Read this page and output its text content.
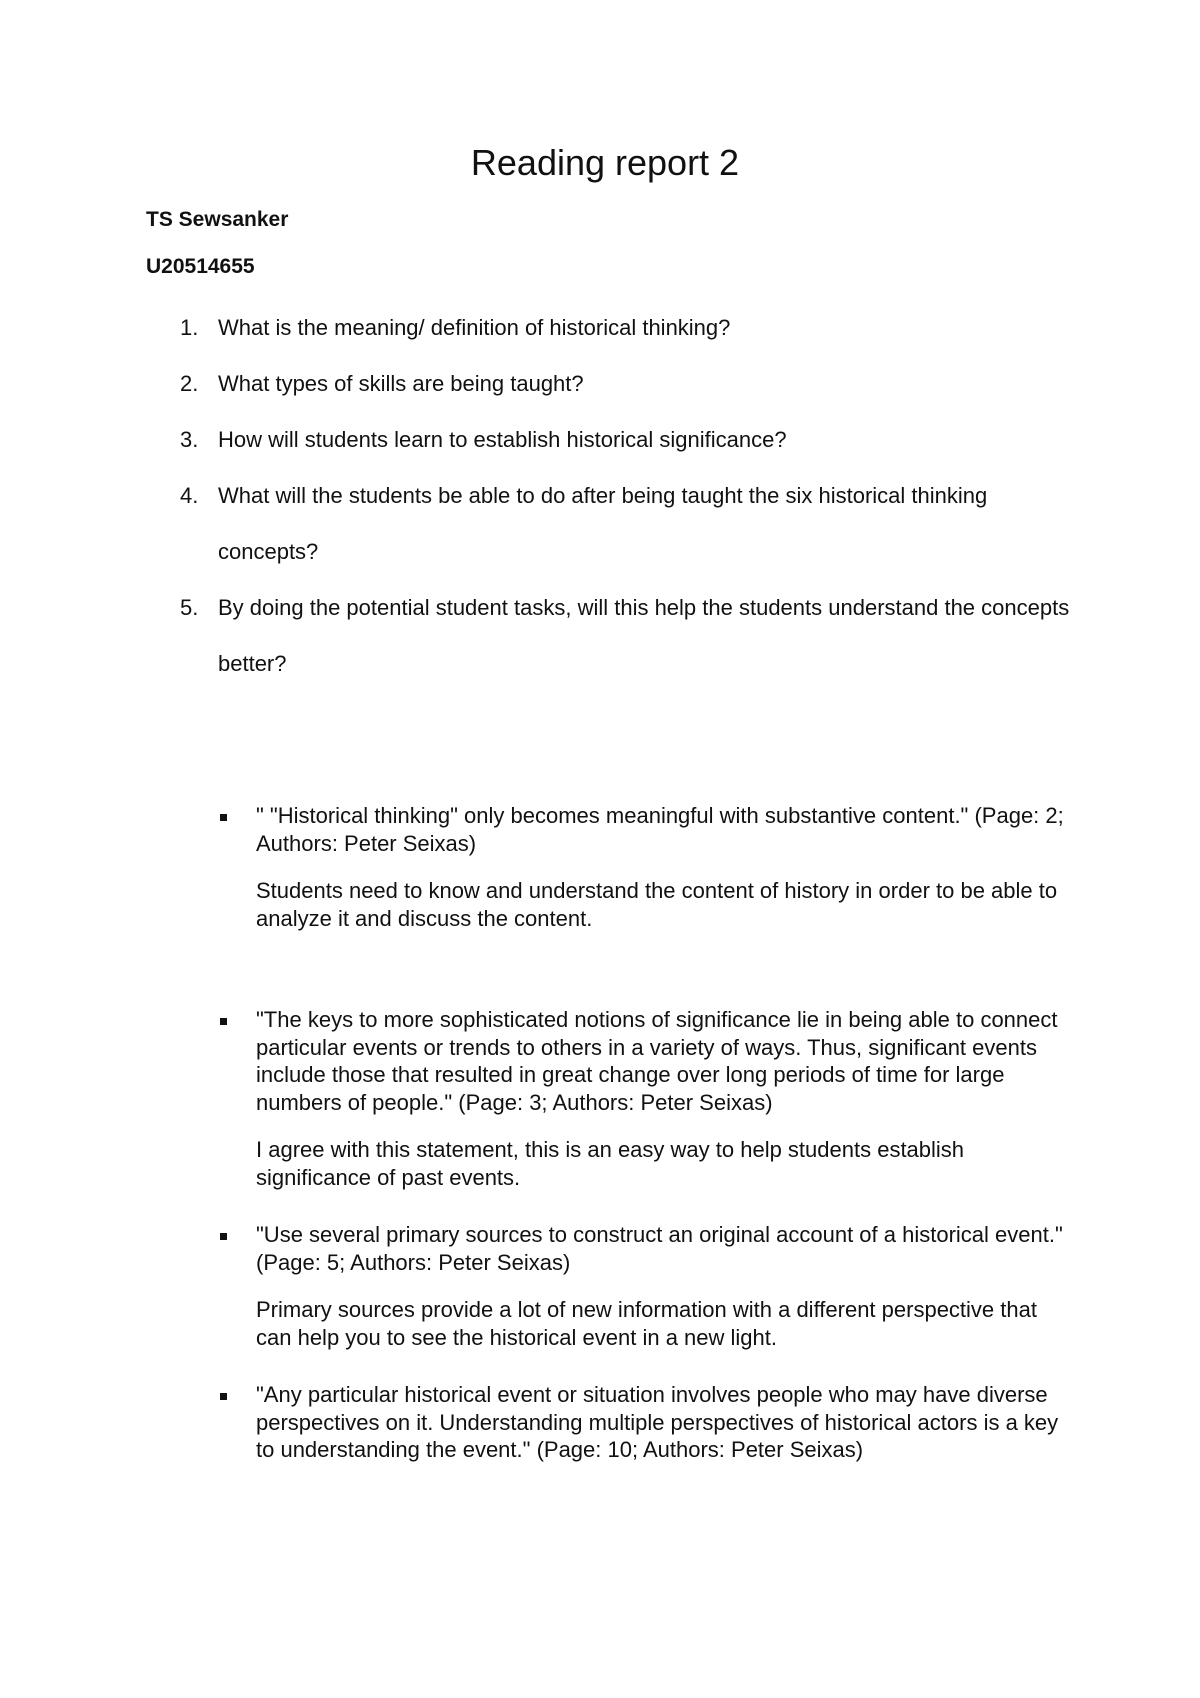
Reading report 2

TS Sewsanker

U20514655

1. What is the meaning/ definition of historical thinking?
2. What types of skills are being taught?
3. How will students learn to establish historical significance?
4. What will the students be able to do after being taught the six historical thinking concepts?
5. By doing the potential student tasks, will this help the students understand the concepts better?

" "Historical thinking" only becomes meaningful with substantive content." (Page: 2; Authors: Peter Seixas)

Students need to know and understand the content of history in order to be able to analyze it and discuss the content.

"The keys to more sophisticated notions of significance lie in being able to connect particular events or trends to others in a variety of ways. Thus, significant events include those that resulted in great change over long periods of time for large numbers of people." (Page: 3; Authors: Peter Seixas)

I agree with this statement, this is an easy way to help students establish significance of past events.

"Use several primary sources to construct an original account of a historical event." (Page: 5; Authors: Peter Seixas)

Primary sources provide a lot of new information with a different perspective that can help you to see the historical event in a new light.

"Any particular historical event or situation involves people who may have diverse perspectives on it. Understanding multiple perspectives of historical actors is a key to understanding the event." (Page: 10; Authors: Peter Seixas)
